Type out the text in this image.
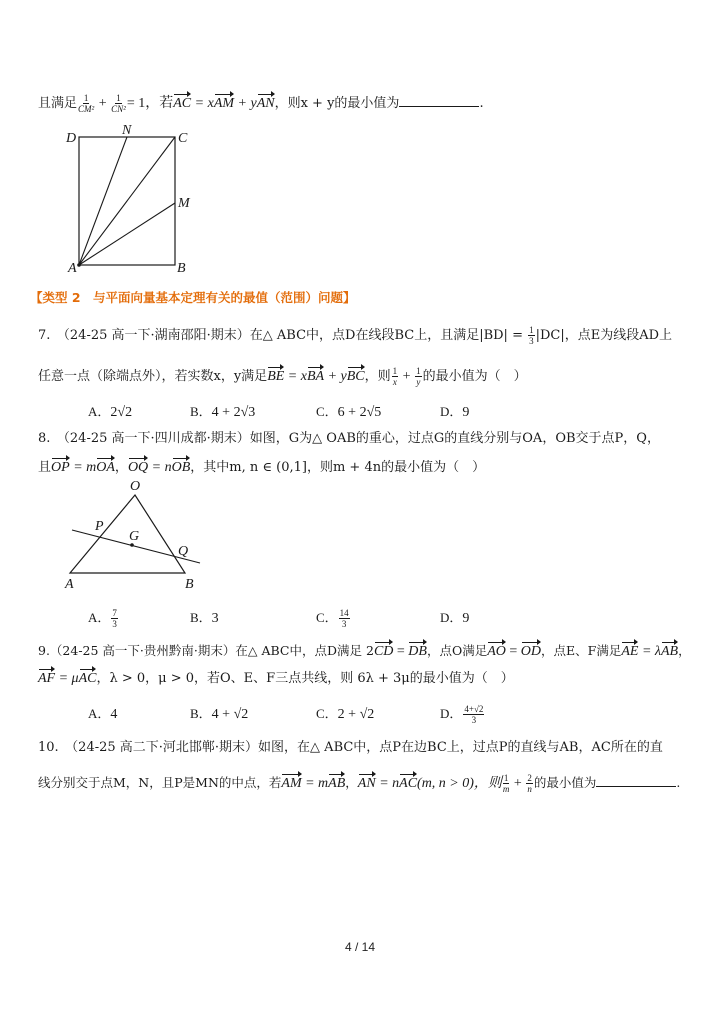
且满足 $\frac{1}{\text{CM²}} + \frac{1}{\text{CN²}} = 1$，若AC = xAM + yAN，则x + y的最小值为	.
D
N
C
M
A	B
【类型 2　与平面向量基本定理有关的最值（范围）问题】
7.　（24-25 高一下·湖南邵阳·期末）在△ ABC中，点D在线段BC上，且满足$|BD| = \frac{1}{3} |DC|$，点E为线段AD上
任意一点（除端点外），若实数x，y满足BE = xBA + yBC，则 $\frac{1}{x} + \frac{1}{y}$ 的最小值为（　）
A．2√2	B．4 + 2√3	C．6 + 2√5	D．9
8.　（24-25 高一下·四川成都·期末）如图，G为△ OAB的重心，过点G的直线分别与OA，OB交于点P，Q，
且OP = mOA，OQ = nOB，其中m, n ∈ (0,1]，则m + 4n的最小值为（　）
O
P
G
Q
A	B
A． $\frac{7}{3}$	B．3	C． $\frac{14}{3}$	D．9
9.（24-25 高一下·贵州黔南·期末）在△ ABC中，点D满足 2CD = DB，点O满足AO = OD，点E、F满足AE = λAB，
AF = μAC，λ > 0，μ > 0，若O、E、F三点共线，则 6λ + 3μ的最小值为（　）
A．4	B．4 + √2	C．2 + √2	D． $\frac{4+√2}{3}$
10.　（24-25 高二下·河北邯郸·期末）如图，在△ ABC中，点P在边BC上，过点P的直线与AB，AC所在的直
线分别交于点M，N，且P是MN的中点，若AM = mAB，AN = nAC(m, n > 0)，则 $\frac{1}{m} + \frac{2}{n}$ 的最小值为	.
4 / 14
